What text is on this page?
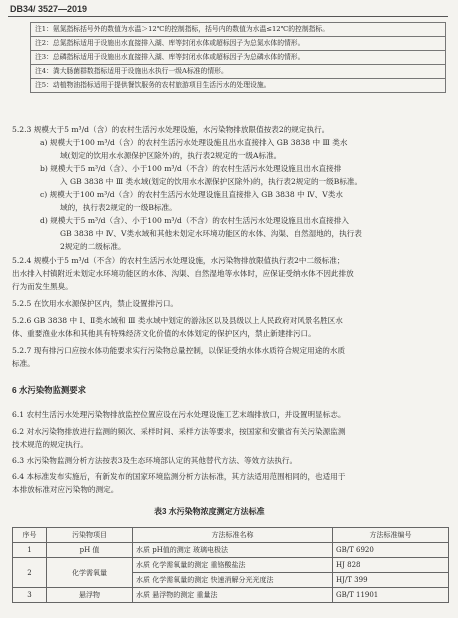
DB34/ 3527—2019
注1：氨氮指标括号外的数值为水温＞12℃的控制指标，括号内的数值为水温≤12℃的控制指标。
注2：总氮指标适用于设施出水直接排入湖、库等封闭水体或超标因子为总氮水体的情形。
注3：总磷指标适用于设施出水直接排入湖、库等封闭水体或超标因子为总磷水体的情形。
注4：粪大肠菌群数指标适用于设施出水执行一级A标准的情形。
注5：动植物油指标适用于提供餐饮服务的农村旅游项目生活污水的处理设施。
5.2.3 规模大于5 m³/d（含）的农村生活污水处理设施，水污染物排放限值按表2的规定执行。
a) 规模大于100 m³/d（含）的农村生活污水处理设施且出水直接排入 GB 3838 中 Ⅲ 类水
域(划定的饮用水水源保护区除外)的，执行表2规定的一级A标准。
b) 规模大于5 m³/d（含）、小于100 m³/d（不含）的农村生活污水处理设施且出水直接排
入 GB 3838 中 Ⅲ 类水域(划定的饮用水水源保护区除外)的，执行表2规定的一级B标准。
c) 规模大于100 m³/d（含）的农村生活污水处理设施且直接排入 GB 3838 中 Ⅳ、Ⅴ类水
域的，执行表2规定的一级B标准。
d) 规模大于5 m³/d（含）、小于100 m³/d（不含）的农村生活污水处理设施且出水直接排入
GB 3838 中 Ⅳ、Ⅴ类水域和其他未划定水环境功能区的水体、沟渠、自然湿地的，执行表
2规定的二级标准。
5.2.4 规模小于5 m³/d（不含）的农村生活污水处理设施，水污染物排放限值执行表2中二级标准；
出水排入村镇附近未划定水环境功能区的水体、沟渠、自然湿地等水体时，应保证受纳水体不因此排放
行为而发生黑臭。
5.2.5 在饮用水水源保护区内，禁止设置排污口。
5.2.6 GB 3838 中 Ⅰ、Ⅱ类水域和 Ⅲ 类水域中划定的游泳区以及县级以上人民政府对风景名胜区水
体、重要渔业水体和其他具有特殊经济文化价值的水体划定的保护区内，禁止新建排污口。
5.2.7 现有排污口应按水体功能要求实行污染物总量控制，以保证受纳水体水质符合规定用途的水质
标准。
6 水污染物监测要求
6.1 农村生活污水处理污染物排放监控位置应设在污水处理设施工艺末端排放口，并设置明显标志。
6.2 对水污染物排放进行监测的频次、采样时间、采样方法等要求，按国家和安徽省有关污染源监测
技术规范的规定执行。
6.3 水污染物监测分析方法按表3及生态环境部认定的其他替代方法、等效方法执行。
6.4 本标准发布实施后，有新发布的国家环境监测分析方法标准，其方法适用范围相同的，也适用于
本排放标准对应污染物的测定。
表3 水污染物浓度测定方法标准
序号	污染物项目	方法标准名称	方法标准编号
1	pH 值	水质 pH值的测定 玻璃电极法	GB/T 6920
2	化学需氧量	水质 化学需氧量的测定 重铬酸盐法	HJ 828
		水质 化学需氧量的测定 快速消解分光光度法	HJ/T 399
3	悬浮物	水质 悬浮物的测定 重量法	GB/T 11901
